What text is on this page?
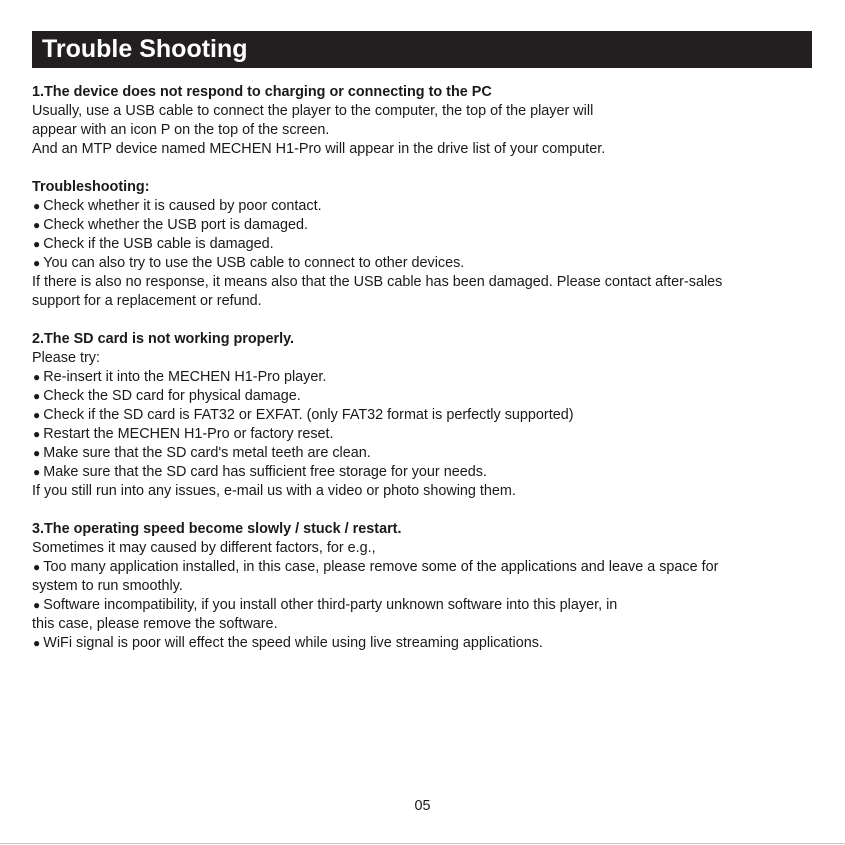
Trouble Shooting
1.The device does not respond to charging or connecting to the PC
Usually, use a USB cable to connect the player to the computer, the top of the player will
appear with an icon P on the top of the screen.
And an MTP device named MECHEN H1-Pro will appear in the drive list of your computer.
Troubleshooting:
● Check whether it is caused by poor contact.
● Check whether the USB port is damaged.
● Check if the USB cable is damaged.
● You can also try to use the USB cable to connect to other devices.
If there is also no response, it means also that the USB cable has been damaged. Please contact after-sales
support for a replacement or refund.
2.The SD card is not working properly.
Please try:
● Re-insert it into the MECHEN H1-Pro player.
● Check the SD card for physical damage.
● Check if the SD card is FAT32 or EXFAT. (only FAT32 format is perfectly supported)
● Restart the MECHEN H1-Pro or factory reset.
● Make sure that the SD card's metal teeth are clean.
● Make sure that the SD card has sufficient free storage for your needs.
If you still run into any issues, e-mail us with a video or photo showing them.
3.The operating speed become slowly / stuck / restart.
Sometimes it may caused by different factors, for e.g.,
● Too many application installed, in this case, please remove some of the applications and leave a space for
system to run smoothly.
● Software incompatibility, if you install other third-party unknown software into this player, in
this case, please remove the software.
● WiFi signal is poor will effect the speed while using live streaming applications.
05
